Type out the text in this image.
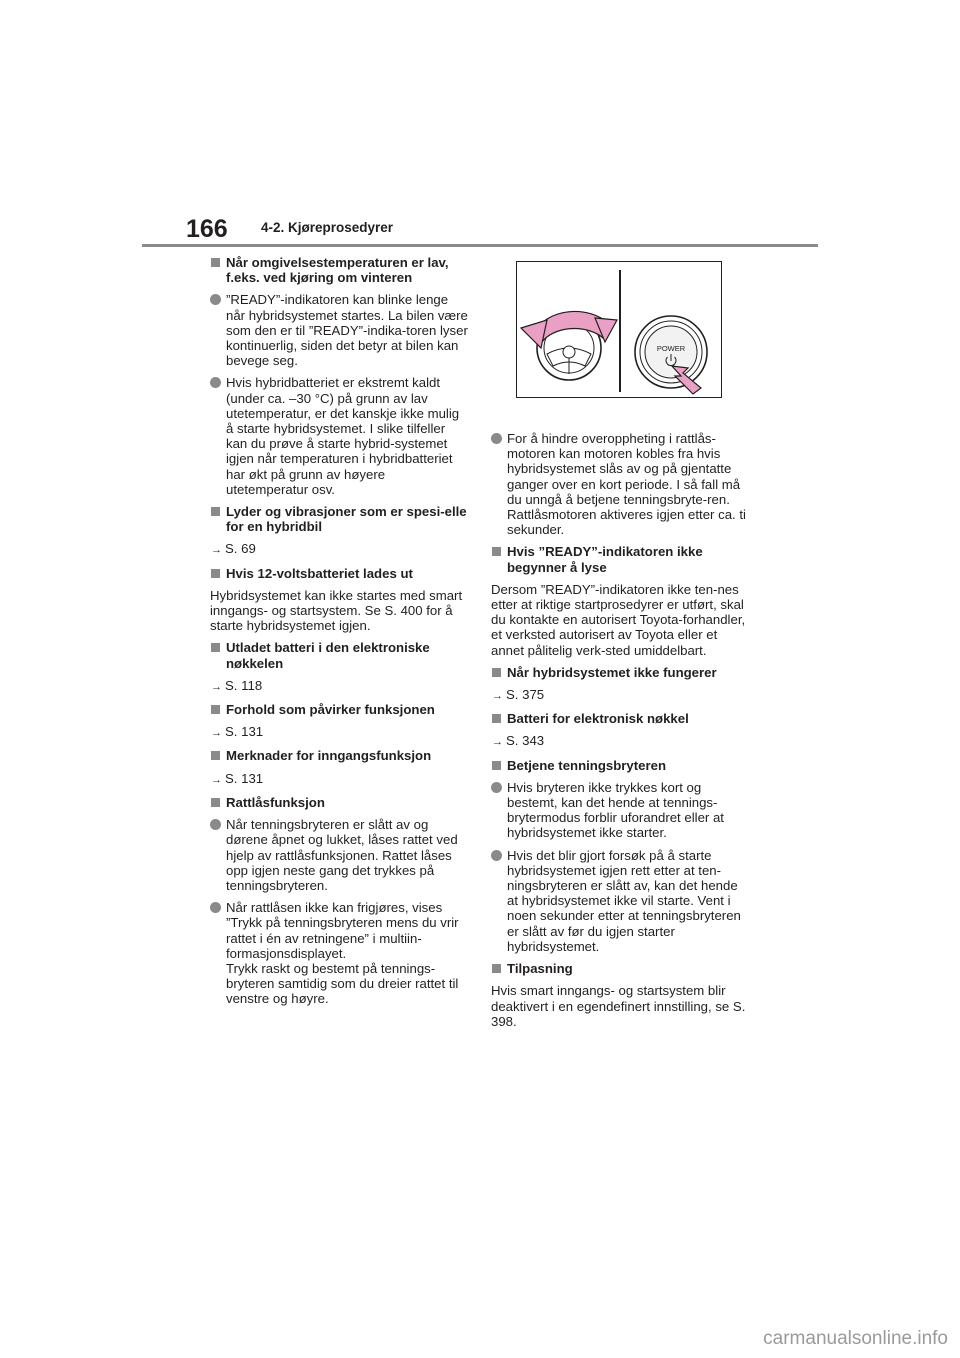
166 4-2. Kjøreprosedyrer
Når omgivelsestemperaturen er lav, f.eks. ved kjøring om vinteren
”READY”-indikatoren kan blinke lenge når hybridsystemet startes. La bilen være som den er til ”READY”-indika-toren lyser kontinuerlig, siden det betyr at bilen kan bevege seg.
Hvis hybridbatteriet er ekstremt kaldt (under ca. –30 °C) på grunn av lav utetemperatur, er det kanskje ikke mulig å starte hybridsystemet. I slike tilfeller kan du prøve å starte hybrid-systemet igjen når temperaturen i hybridbatteriet har økt på grunn av høyere utetemperatur osv.
Lyder og vibrasjoner som er spesi-elle for en hybridbil
→ S. 69
Hvis 12-voltsbatteriet lades ut
Hybridsystemet kan ikke startes med smart inngangs- og startsystem. Se S. 400 for å starte hybridsystemet igjen.
Utladet batteri i den elektroniske nøkkelen
→ S. 118
Forhold som påvirker funksjonen
→ S. 131
Merknader for inngangsfunksjon
→ S. 131
Rattlåsfunksjon
Når tenningsbryteren er slått av og dørene åpnet og lukket, låses rattet ved hjelp av rattlåsfunksjonen. Rattet låses opp igjen neste gang det trykkes på tenningsbryteren.
Når rattlåsen ikke kan frigjøres, vises ”Trykk på tenningsbryteren mens du vrir rattet i én av retningene” i multiin-formasjonsdisplayet.
Trykk raskt og bestemt på tennings-bryteren samtidig som du dreier rattet til venstre og høyre.
POWER
For å hindre overoppheting i rattlås-motoren kan motoren kobles fra hvis hybridsystemet slås av og på gjentatte ganger over en kort periode. I så fall må du unngå å betjene tenningsbryte-ren. Rattlåsmotoren aktiveres igjen etter ca. ti sekunder.
Hvis ”READY”-indikatoren ikke begynner å lyse
Dersom ”READY”-indikatoren ikke ten-nes etter at riktige startprosedyrer er utført, skal du kontakte en autorisert Toyota-forhandler, et verksted autorisert av Toyota eller et annet pålitelig verk-sted umiddelbart.
Når hybridsystemet ikke fungerer
→ S. 375
Batteri for elektronisk nøkkel
→ S. 343
Betjene tenningsbryteren
Hvis bryteren ikke trykkes kort og bestemt, kan det hende at tennings-brytermodus forblir uforandret eller at hybridsystemet ikke starter.
Hvis det blir gjort forsøk på å starte hybridsystemet igjen rett etter at ten-ningsbryteren er slått av, kan det hende at hybridsystemet ikke vil starte. Vent i noen sekunder etter at tenningsbryteren er slått av før du igjen starter hybridsystemet.
Tilpasning
Hvis smart inngangs- og startsystem blir deaktivert i en egendefinert innstilling, se S. 398.
carmanualsonline.info
